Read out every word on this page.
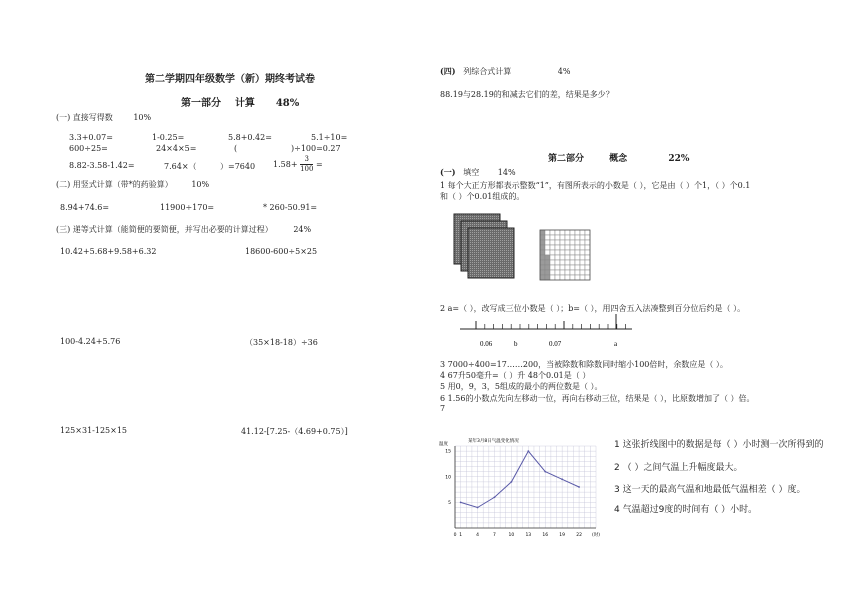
第二学期四年级数学（新）期终考试卷
第一部分 计算 48%
(一) 直接写得数	10%
3.3+0.07=	1-0.25=	5.8+0.42=	5.1÷10=
600÷25=	24×4×5=	(	)÷100=0.27
8.82-3.58-1.42=	7.64×（	）=7640 $1.58+ \frac{3}{100}$ =
(二) 用竖式计算（带*的药验算） 10%
8.94+74.6=	11900÷170=	* 260-50.91=
(三) 递等式计算（能简便的要简便，并写出必要的计算过程）	24%
10.42+5.68+9.58+6.32	18600-600÷5×25
100-4.24+5.76	（35×18-18）÷36
125×31-125×15	41.12-[7.25-（4.69+0.75）]
(四) 列综合式计算	4%
88.19与28.19的和减去它们的差，结果是多少？
第二部分	概念	22%
(一) 填空 14%
1 每个大正方形都表示整数“1”，有图所表示的小数是（ ），它是由（ ）个1，（ ）个0.1
和（ ）个0.01组成的。
2 a=（ ），改写成三位小数是（ ）；b=（ ），用四舍五入法凑整到百分位后约是（ ）。
0.06	b	0.07	a
3 7000÷400=17……200，当被除数和除数同时缩小100倍时，余数应是（ ）。
4 67升50毫升=（ ）升 48个0.01是（ ）
5 用0，9，3，5组成的最小的两位数是（ ）。
6 1.56的小数点先向左移动一位，再向右移动三位，结果是（ ），比原数增加了（ ）倍。
7
某年3月8日气温变化情况
温度
5
10
15
0 1	4	7	10 13 16 19 22 (时)
1 这张折线图中的数据是每（ ）小时测一次所得到的
2 （ ）之间气温上升幅度最大。
3 这一天的最高气温和地最低气温相差（ ）度。
4 气温超过9度的时间有（ ）小时。
